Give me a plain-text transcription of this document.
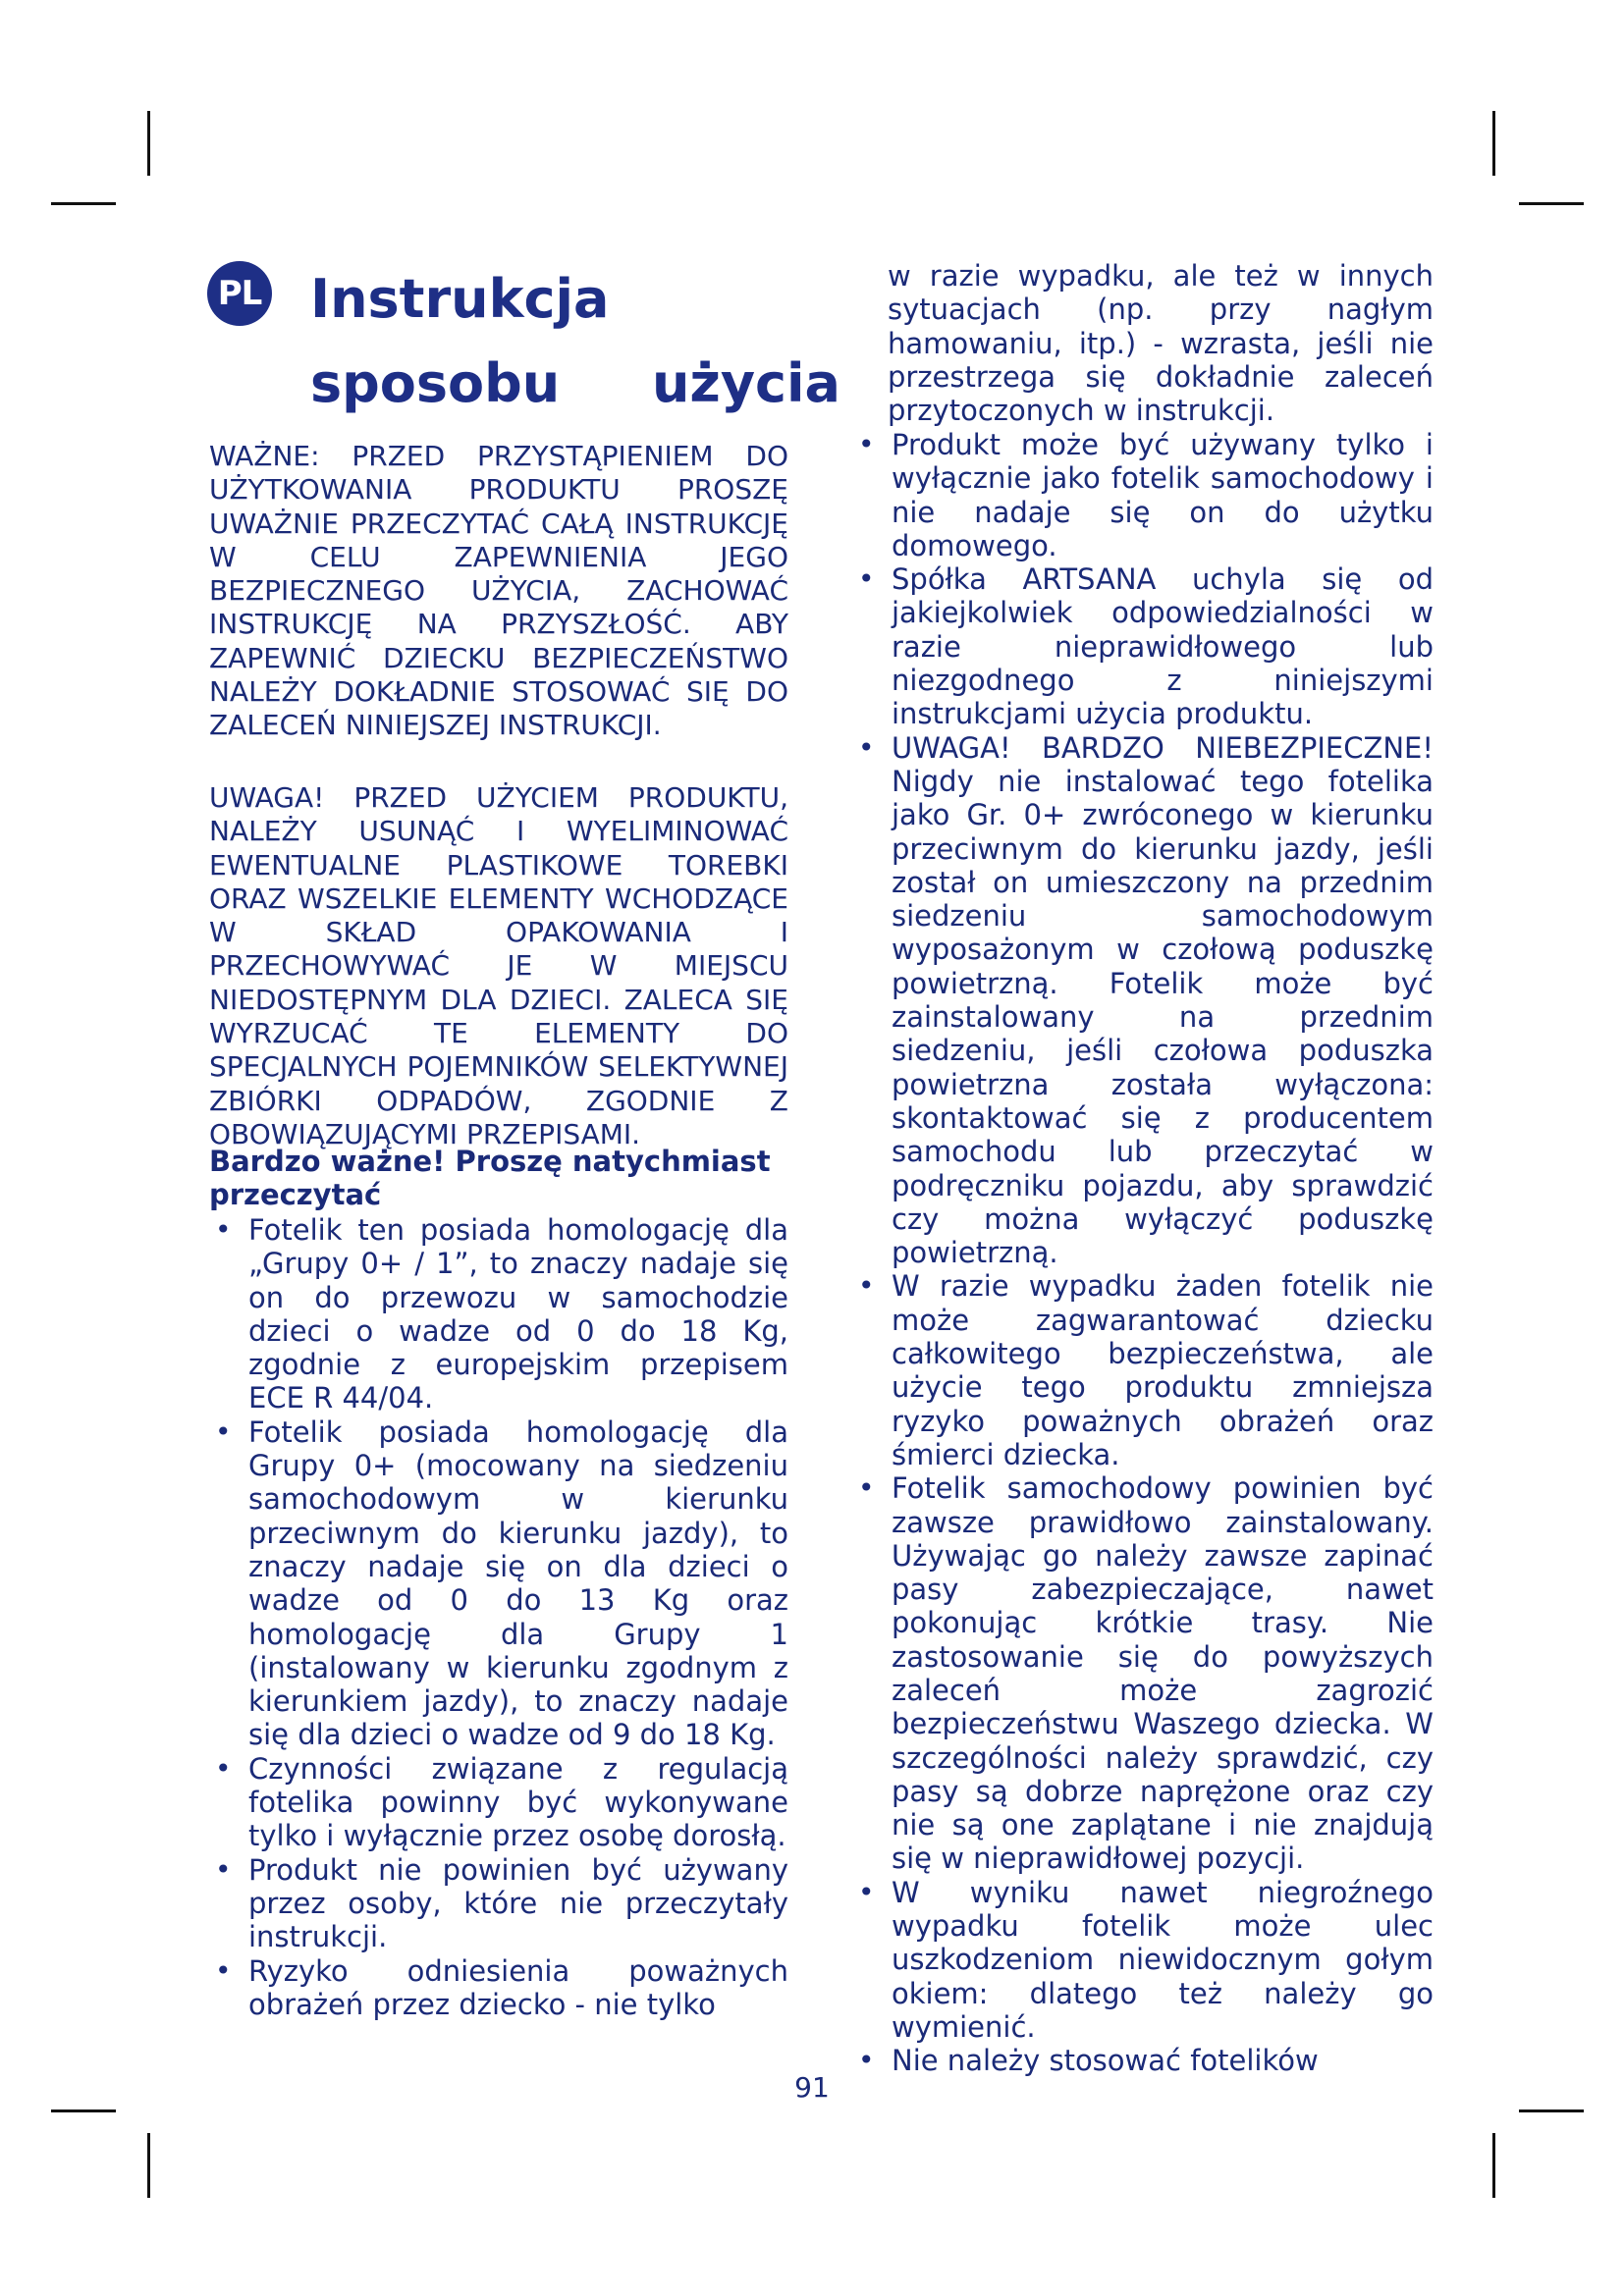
PL Instrukcja
sposobu użycia

WAŻNE: PRZED PRZYSTĄPIENIEM DO UŻYTKOWANIA PRODUKTU PROSZĘ UWAŻNIE PRZECZYTAĆ CAŁĄ INSTRUKCJĘ W CELU ZAPEWNIENIA JEGO BEZPIECZNEGO UŻYCIA, ZACHOWAĆ INSTRUKCJĘ NA PRZYSZŁOŚĆ. ABY ZAPEWNIĆ DZIECKU BEZPIECZEŃSTWO NALEŻY DOKŁADNIE STOSOWAĆ SIĘ DO ZALECEŃ NINIEJSZEJ INSTRUKCJI.

UWAGA! PRZED UŻYCIEM PRODUKTU, NALEŻY USUNĄĆ I WYELIMINOWAĆ EWENTUALNE PLASTIKOWE TOREBKI ORAZ WSZELKIE ELEMENTY WCHODZĄCE W SKŁAD OPAKOWANIA I PRZECHOWYWAĆ JE W MIEJSCU NIEDOSTĘPNYM DLA DZIECI. ZALECA SIĘ WYRZUCAĆ TE ELEMENTY DO SPECJALNYCH POJEMNIKÓW SELEKTYWNEJ ZBIÓRKI ODPADÓW, ZGODNIE Z OBOWIĄZUJĄCYMI PRZEPISAMI.

Bardzo ważne! Proszę natychmiast przeczytać
• Fotelik ten posiada homologację dla „Grupy 0+ / 1”, to znaczy nadaje się on do przewozu w samochodzie dzieci o wadze od 0 do 18 Kg, zgodnie z europejskim przepisem ECE R 44/04.
• Fotelik posiada homologację dla Grupy 0+ (mocowany na siedzeniu samochodowym w kierunku przeciwnym do kierunku jazdy), to znaczy nadaje się on dla dzieci o wadze od 0 do 13 Kg oraz homologację dla Grupy 1 (instalowany w kierunku zgodnym z kierunkiem jazdy), to znaczy nadaje się dla dzieci o wadze od 9 do 18 Kg.
• Czynności związane z regulacją fotelika powinny być wykonywane tylko i wyłącznie przez osobę dorosłą.
• Produkt nie powinien być używany przez osoby, które nie przeczytały instrukcji.
• Ryzyko odniesienia poważnych obrażeń przez dziecko - nie tylko

w razie wypadku, ale też w innych sytuacjach (np. przy nagłym hamowaniu, itp.) - wzrasta, jeśli nie przestrzega się dokładnie zaleceń przytoczonych w instrukcji.

• Produkt może być używany tylko i wyłącznie jako fotelik samochodowy i nie nadaje się on do użytku domowego.
• Spółka ARTSANA uchyla się od jakiejkolwiek odpowiedzialności w razie nieprawidłowego lub niezgodnego z niniejszymi instrukcjami użycia produktu.
• UWAGA! BARDZO NIEBEZPIECZNE! Nigdy nie instalować tego fotelika jako Gr. 0+ zwróconego w kierunku przeciwnym do kierunku jazdy, jeśli został on umieszczony na przednim siedzeniu samochodowym wyposażonym w czołową poduszkę powietrzną. Fotelik może być zainstalowany na przednim siedzeniu, jeśli czołowa poduszka powietrzna została wyłączona: skontaktować się z producentem samochodu lub przeczytać w podręczniku pojazdu, aby sprawdzić czy można wyłączyć poduszkę powietrzną.
• W razie wypadku żaden fotelik nie może zagwarantować dziecku całkowitego bezpieczeństwa, ale użycie tego produktu zmniejsza ryzyko poważnych obrażeń oraz śmierci dziecka.
• Fotelik samochodowy powinien być zawsze prawidłowo zainstalowany. Używając go należy zawsze zapinać pasy zabezpieczające, nawet pokonując krótkie trasy. Nie zastosowanie się do powyższych zaleceń może zagrozić bezpieczeństwu Waszego dziecka. W szczególności należy sprawdzić, czy pasy są dobrze naprężone oraz czy nie są one zaplątane i nie znajdują się w nieprawidłowej pozycji.
• W wyniku nawet niegroźnego wypadku fotelik może ulec uszkodzeniom niewidocznym gołym okiem: dlatego też należy go wymienić.
• Nie należy stosować fotelików
91
